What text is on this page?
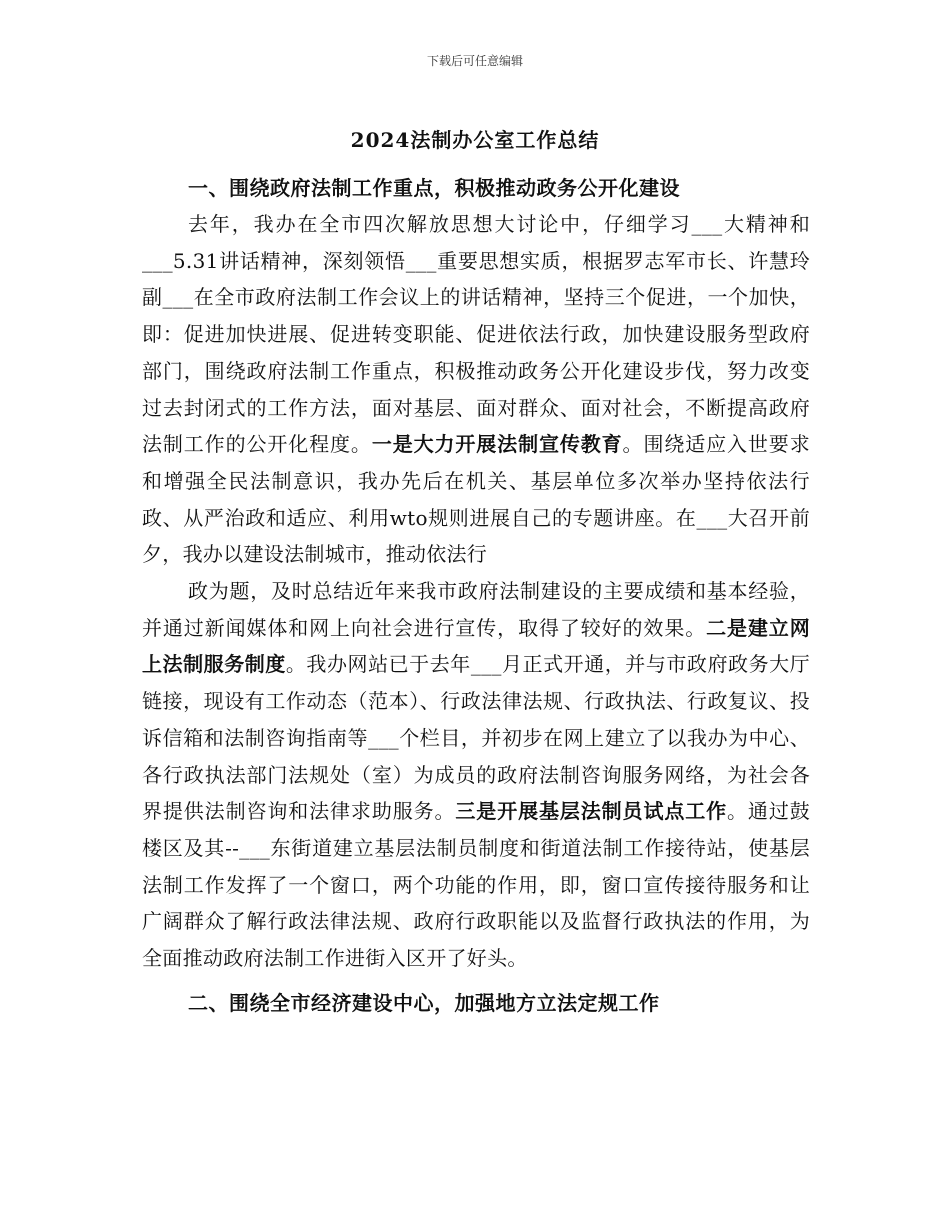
下载后可任意编辑
2024法制办公室工作总结

一、围绕政府法制工作重点，积极推动政务公开化建设

去年，我办在全市四次解放思想大讨论中，仔细学习___大精神和___5.31讲话精神，深刻领悟___重要思想实质，根据罗志军市长、许慧玲副___在全市政府法制工作会议上的讲话精神，坚持三个促进，一个加快，即：促进加快进展、促进转变职能、促进依法行政，加快建设服务型政府部门，围绕政府法制工作重点，积极推动政务公开化建设步伐，努力改变过去封闭式的工作方法，面对基层、面对群众、面对社会，不断提高政府法制工作的公开化程度。一是大力开展法制宣传教育。围绕适应入世要求和增强全民法制意识，我办先后在机关、基层单位多次举办坚持依法行政、从严治政和适应、利用wto规则进展自己的专题讲座。在___大召开前夕，我办以建设法制城市，推动依法行

政为题，及时总结近年来我市政府法制建设的主要成绩和基本经验，并通过新闻媒体和网上向社会进行宣传，取得了较好的效果。二是建立网上法制服务制度。我办网站已于去年___月正式开通，并与市政府政务大厅链接，现设有工作动态（范本）、行政法律法规、行政执法、行政复议、投诉信箱和法制咨询指南等___个栏目，并初步在网上建立了以我办为中心、各行政执法部门法规处（室）为成员的政府法制咨询服务网络，为社会各界提供法制咨询和法律求助服务。三是开展基层法制员试点工作。通过鼓楼区及其--___东街道建立基层法制员制度和街道法制工作接待站，使基层法制工作发挥了一个窗口，两个功能的作用，即，窗口宣传接待服务和让广阔群众了解行政法律法规、政府行政职能以及监督行政执法的作用，为全面推动政府法制工作进街入区开了好头。

二、围绕全市经济建设中心，加强地方立法定规工作
